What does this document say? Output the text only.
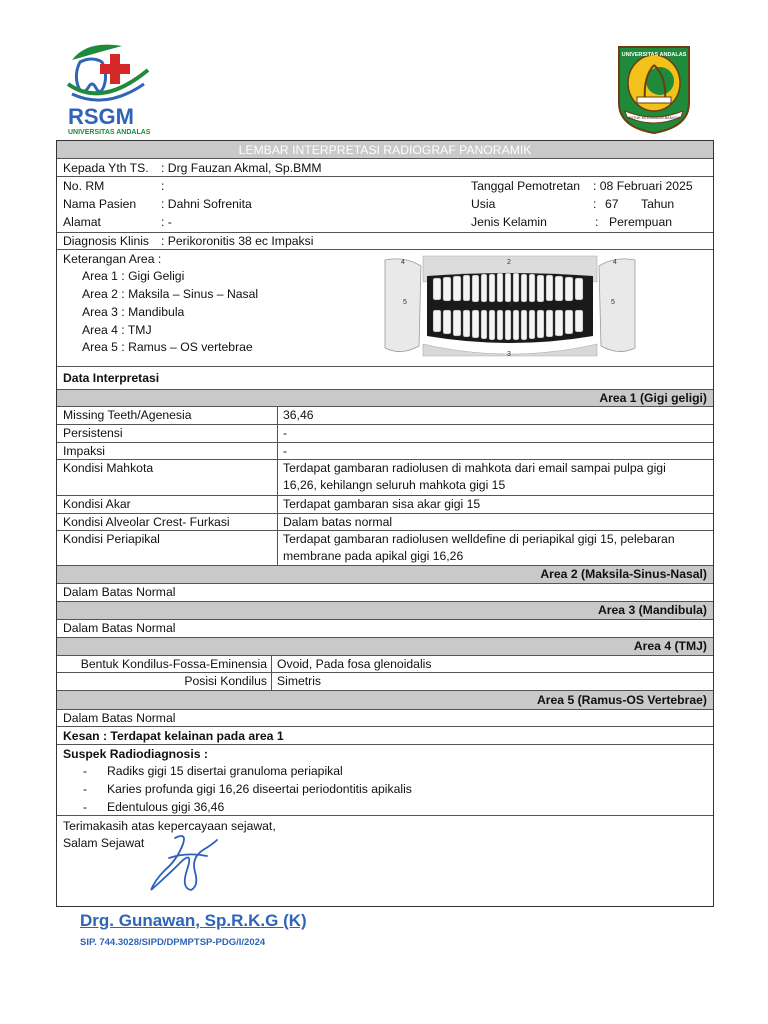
RSGM
UNIVERSITAS ANDALAS
UNIVERSITAS ANDALAS
UNTUK KEDJAJAAN BANGSA
LEMBAR INTERPRETASI RADIOGRAF PANORAMIK
Kepada Yth TS. : Drg Fauzan Akmal, Sp.BMM
No. RM	:	Tanggal Pemotretan : 08 Februari 2025
Nama Pasien : Dahni Sofrenita	Usia	: 67 Tahun
Alamat	: -	Jenis Kelamin	: Perempuan
Diagnosis Klinis : Perikoronitis 38 ec Impaksi
Keterangan Area :
Area 1 : Gigi Geligi
Area 2 : Maksila – Sinus – Nasal
Area 3 : Mandibula
Area 4 : TMJ
Area 5 : Ramus – OS vertebrae
1
2
3
4	4
5	5
Data Interpretasi
Area 1 (Gigi geligi)
Missing Teeth/Agenesia	36,46
Persistensi	-
Impaksi	-
Kondisi Mahkota	Terdapat gambaran radiolusen di mahkota dari email sampai pulpa gigi
16,26, kehilangn seluruh mahkota gigi 15
Kondisi Akar	Terdapat gambaran sisa akar gigi 15
Kondisi Alveolar Crest- Furkasi	Dalam batas normal
Kondisi Periapikal	Terdapat gambaran radiolusen welldefine di periapikal gigi 15, pelebaran
membrane pada apikal gigi 16,26
Area 2 (Maksila-Sinus-Nasal)
Dalam Batas Normal
Area 3 (Mandibula)
Dalam Batas Normal
Area 4 (TMJ)
Bentuk Kondilus-Fossa-Eminensia Ovoid, Pada fosa glenoidalis
Posisi Kondilus Simetris
Area 5 (Ramus-OS Vertebrae)
Dalam Batas Normal
Kesan : Terdapat kelainan pada area 1
Suspek Radiodiagnosis :
- Radiks gigi 15 disertai granuloma periapikal
- Karies profunda gigi 16,26 diseertai periodontitis apikalis
- Edentulous gigi 36,46
Terimakasih atas kepercayaan sejawat,
Salam Sejawat
Drg. Gunawan, Sp.R.K.G (K)
SIP. 744.3028/SIPD/DPMPTSP-PDG/I/2024
